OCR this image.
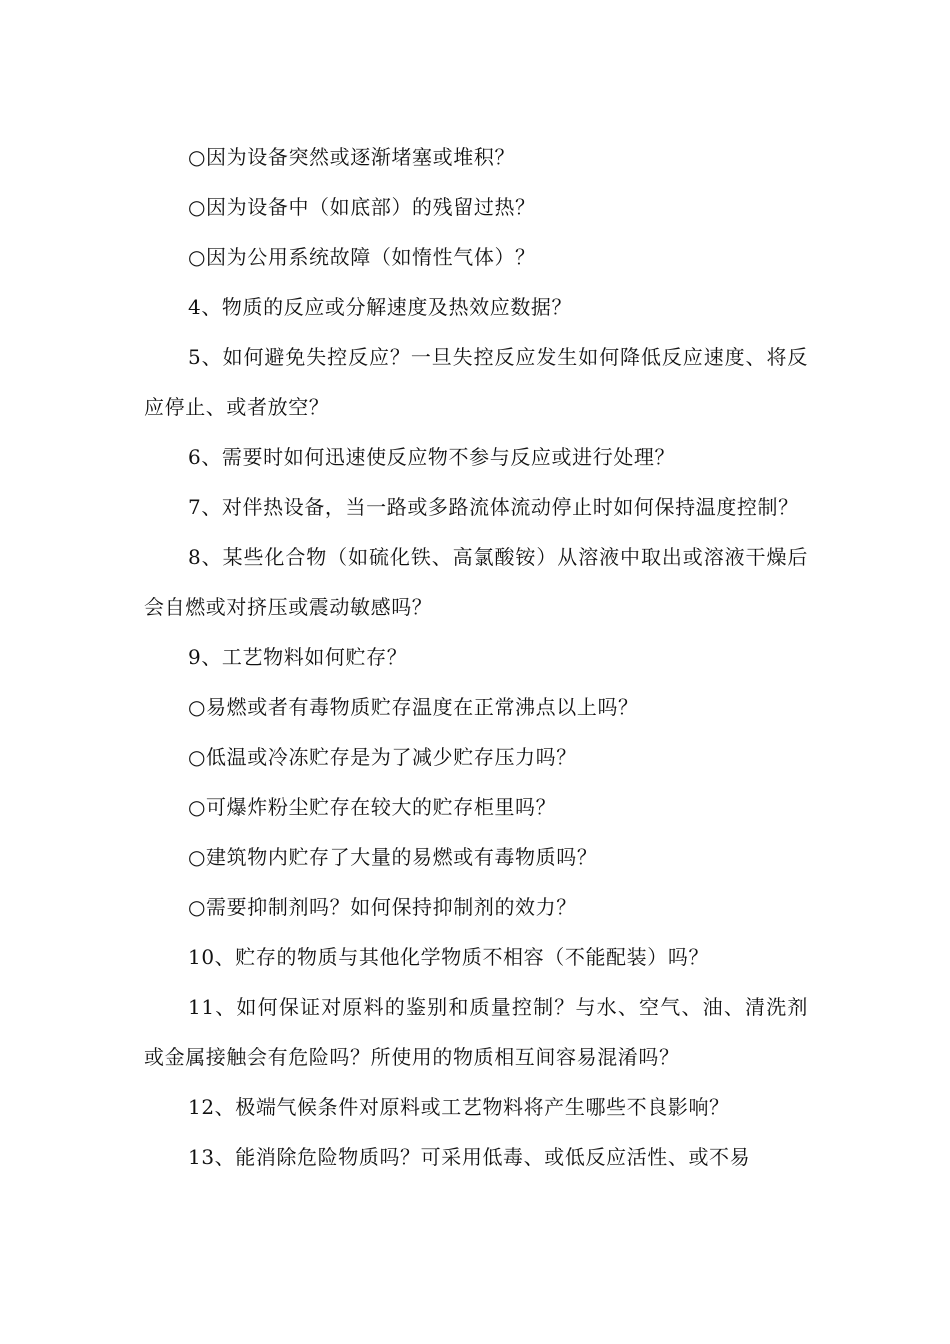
○因为设备突然或逐渐堵塞或堆积？

○因为设备中（如底部）的残留过热？

○因为公用系统故障（如惰性气体）？

4、物质的反应或分解速度及热效应数据？

5、如何避免失控反应？一旦失控反应发生如何降低反应速度、将反应停止、或者放空？

6、需要时如何迅速使反应物不参与反应或进行处理？

7、对伴热设备，当一路或多路流体流动停止时如何保持温度控制？

8、某些化合物（如硫化铁、高氯酸铵）从溶液中取出或溶液干燥后会自燃或对挤压或震动敏感吗？

9、工艺物料如何贮存？

○易燃或者有毒物质贮存温度在正常沸点以上吗？

○低温或冷冻贮存是为了减少贮存压力吗？

○可爆炸粉尘贮存在较大的贮存柜里吗？

○建筑物内贮存了大量的易燃或有毒物质吗？

○需要抑制剂吗？如何保持抑制剂的效力？

10、贮存的物质与其他化学物质不相容（不能配装）吗？

11、如何保证对原料的鉴别和质量控制？与水、空气、油、清洗剂或金属接触会有危险吗？所使用的物质相互间容易混淆吗？

12、极端气候条件对原料或工艺物料将产生哪些不良影响？

13、能消除危险物质吗？可采用低毒、或低反应活性、或不易
